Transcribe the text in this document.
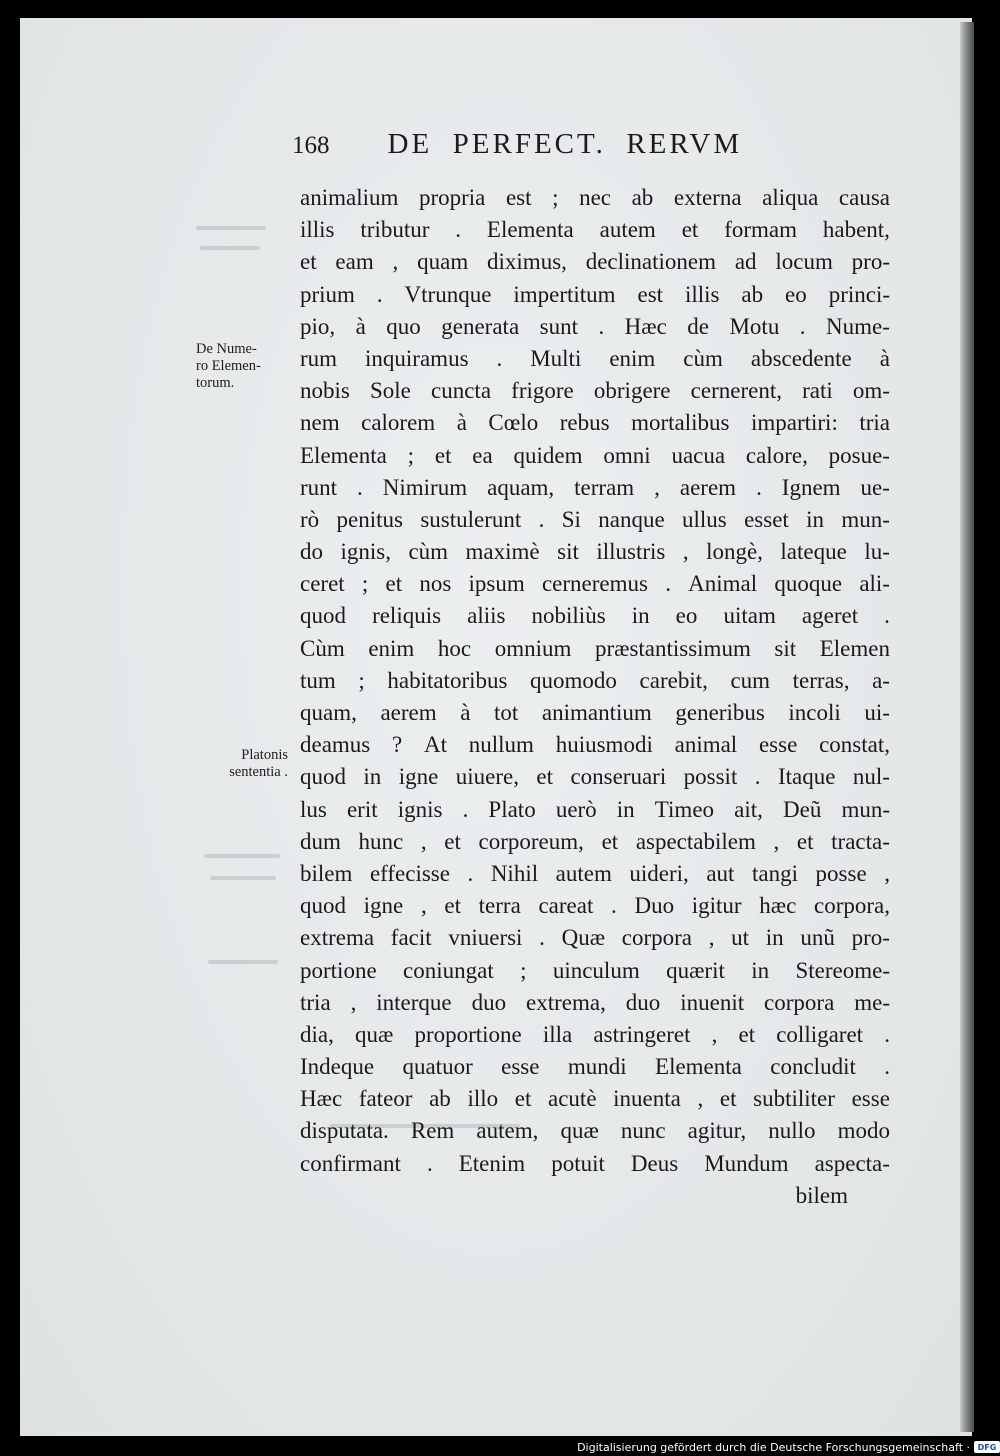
168 DE  PERFECT.  RERVM
De Nume-
ro Elemen-
torum.
Platonis
sententia .
animalium propria est ; nec ab externa aliqua causa
illis tributur . Elementa autem et formam habent,
et eam , quam diximus, declinationem ad locum pro-
prium . Vtrunque impertitum est illis ab eo princi-
pio, à quo generata sunt . Hæc de Motu . Nume-
rum inquiramus . Multi enim cùm abscedente à
nobis Sole cuncta frigore obrigere cernerent, rati om-
nem calorem à Cœlo rebus mortalibus impartiri: tria
Elementa ; et ea quidem omni uacua calore, posue-
runt . Nimirum aquam, terram , aerem . Ignem ue-
rò penitus sustulerunt . Si nanque ullus esset in mun-
do ignis, cùm maximè sit illustris , longè, lateque lu-
ceret ; et nos ipsum cerneremus . Animal quoque ali-
quod reliquis aliis nobiliùs in eo uitam ageret .
Cùm enim hoc omnium præstantissimum sit Elemen
tum ; habitatoribus quomodo carebit, cum terras, a-
quam, aerem à tot animantium generibus incoli ui-
deamus ? At nullum huiusmodi animal esse constat,
quod in igne uiuere, et conseruari possit . Itaque nul-
lus erit ignis . Plato uerò in Timeo ait, Deũ mun-
dum hunc , et corporeum, et aspectabilem , et tracta-
bilem effecisse . Nihil autem uideri, aut tangi posse ,
quod igne , et terra careat . Duo igitur hæc corpora,
extrema facit vniuersi . Quæ corpora , ut in unũ pro-
portione coniungat ; uinculum quærit in Stereome-
tria , interque duo extrema, duo inuenit corpora me-
dia, quæ proportione illa astringeret , et colligaret .
Indeque quatuor esse mundi Elementa concludit .
Hæc fateor ab illo et acutè inuenta , et subtiliter esse
disputata. Rem autem, quæ nunc agitur, nullo modo
confirmant . Etenim potuit Deus Mundum aspecta-
bilem
Digitalisierung gefördert durch die Deutsche Forschungsgemeinschaft · DFG
